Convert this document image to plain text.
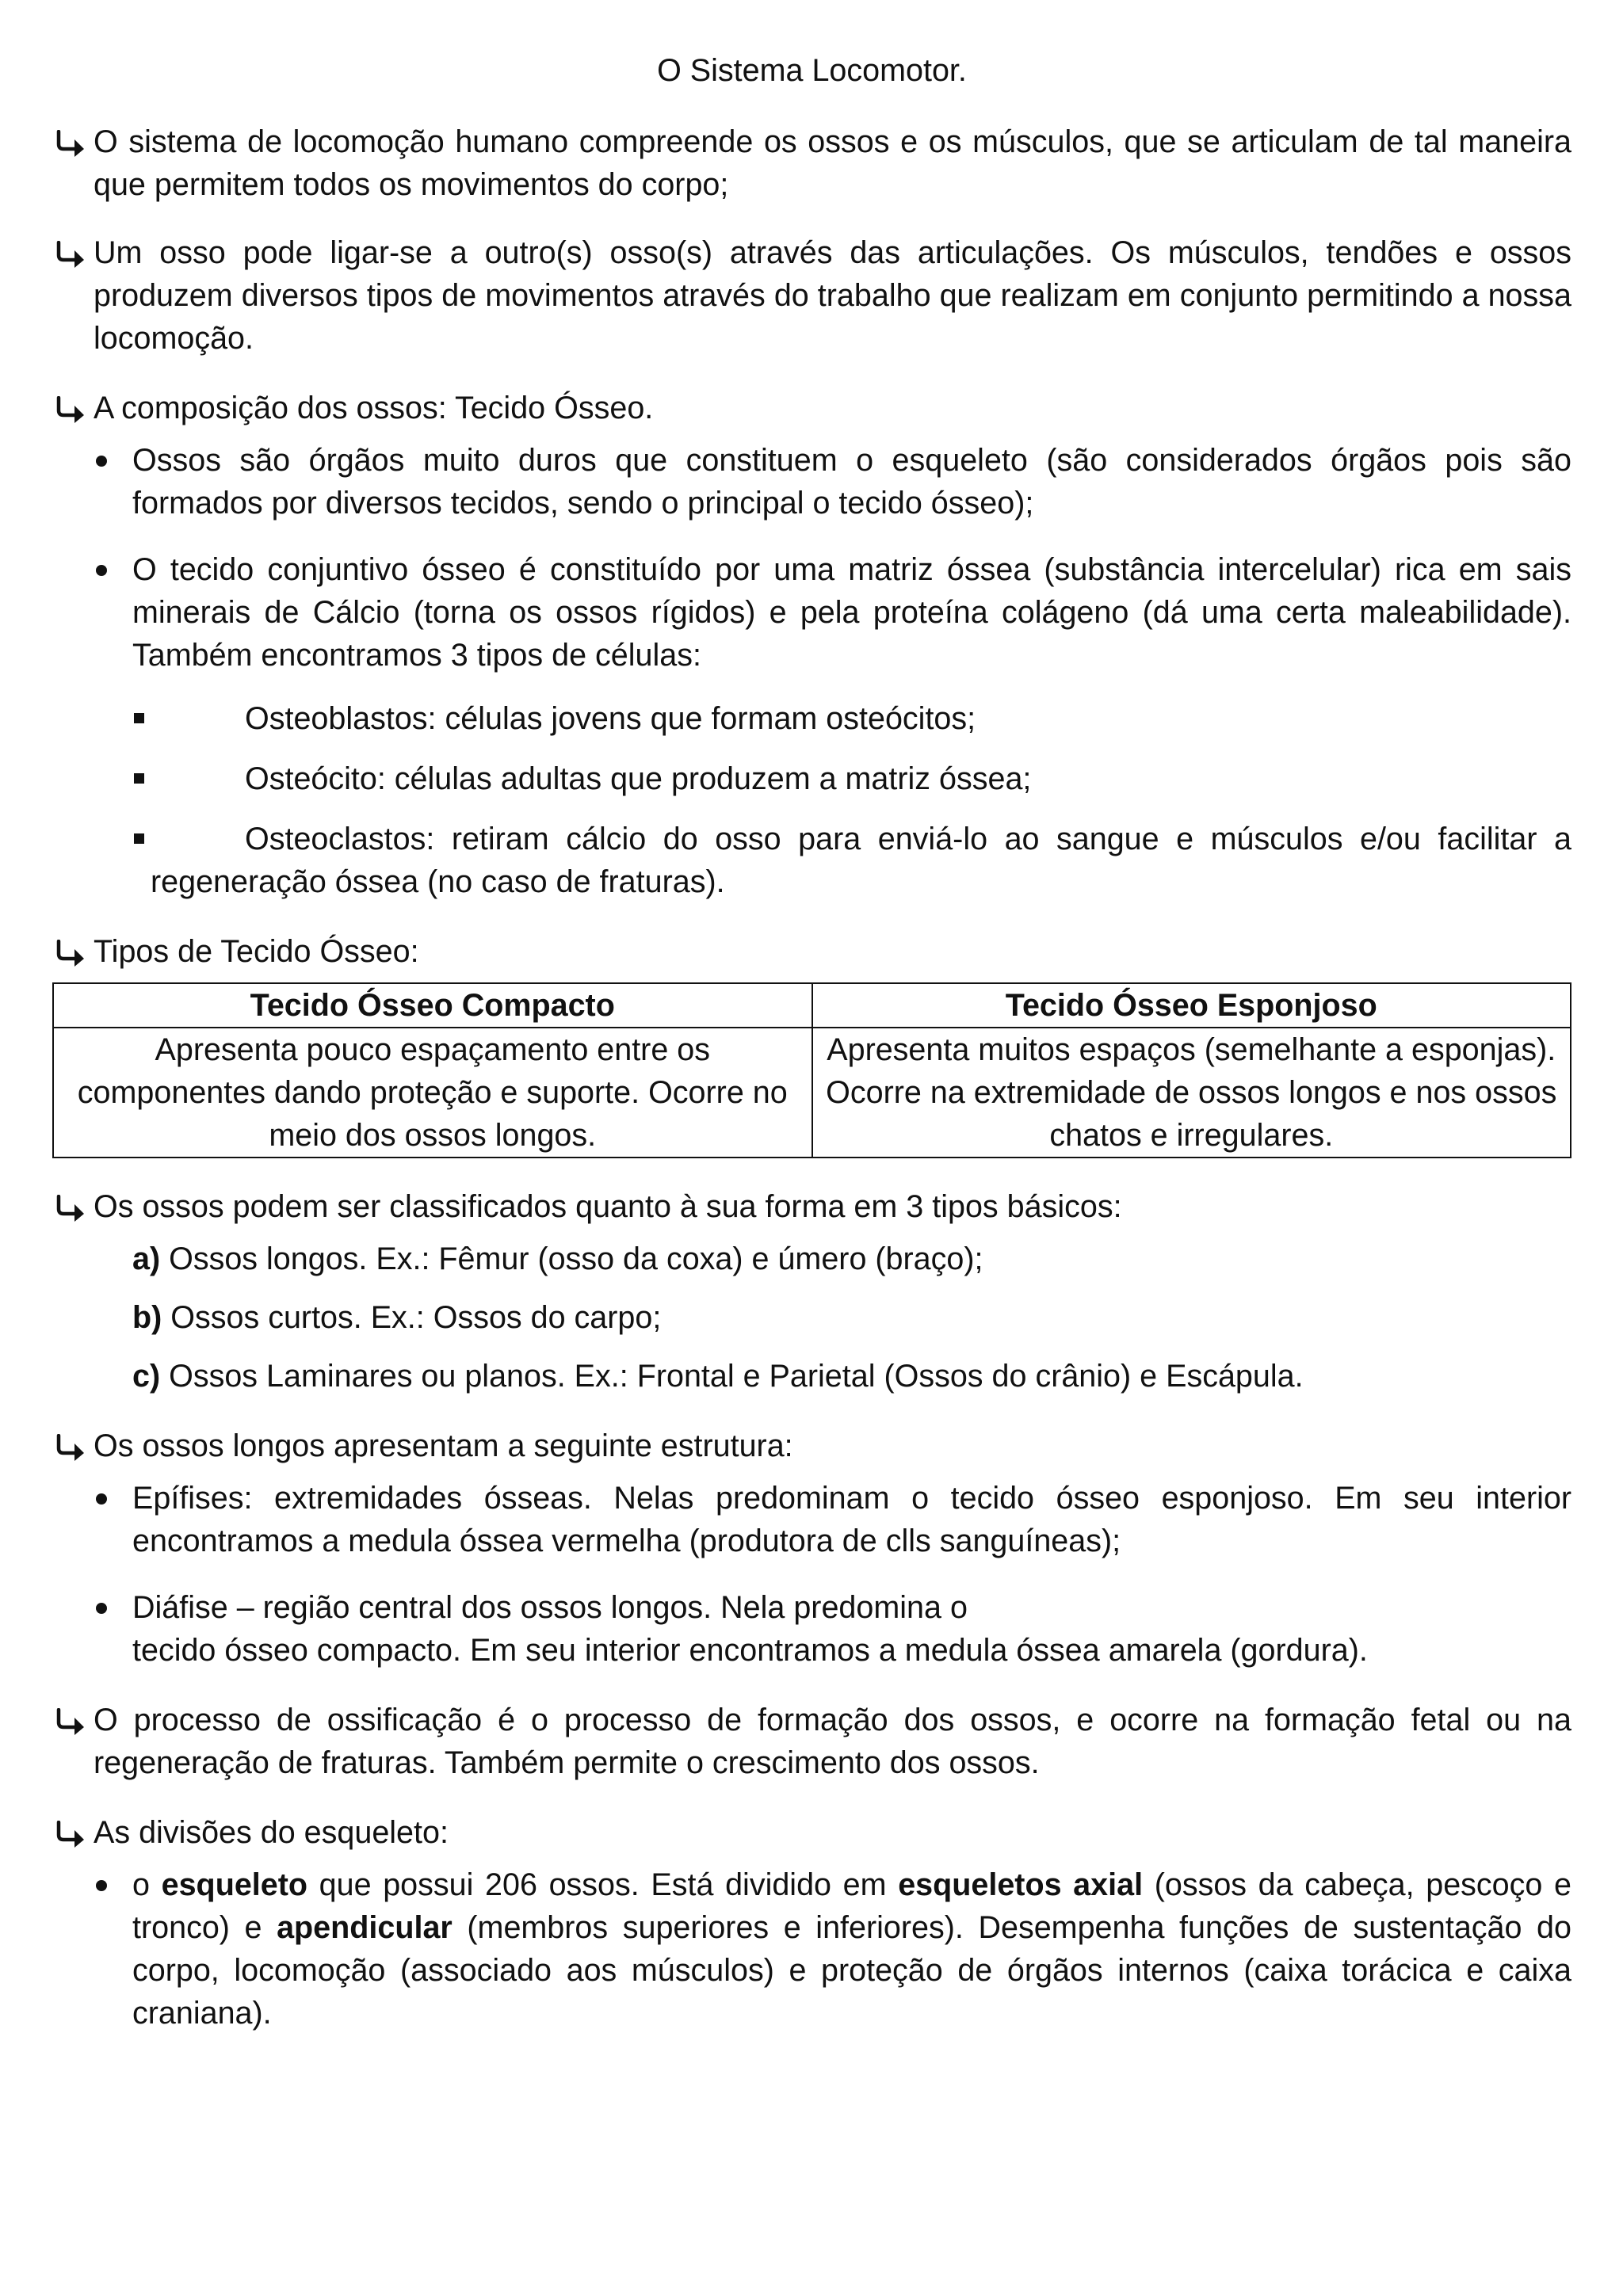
O Sistema Locomotor.
O sistema de locomoção humano compreende os ossos e os músculos, que se articulam de tal maneira que permitem todos os movimentos do corpo;
Um osso pode ligar-se a outro(s) osso(s) através das articulações. Os músculos, tendões e ossos produzem diversos tipos de movimentos através do trabalho que realizam em conjunto permitindo a nossa locomoção.
A composição dos ossos: Tecido Ósseo.
Ossos são órgãos muito duros que constituem o esqueleto (são considerados órgãos pois são formados por diversos tecidos, sendo o principal o tecido ósseo);
O tecido conjuntivo ósseo é constituído por uma matriz óssea (substância intercelular) rica em sais minerais de Cálcio (torna os ossos rígidos) e pela proteína colágeno (dá uma certa maleabilidade). Também encontramos 3 tipos de células:
Osteoblastos: células jovens que formam osteócitos;
Osteócito: células adultas que produzem a matriz óssea;
Osteoclastos: retiram cálcio do osso para enviá-lo ao sangue e músculos e/ou facilitar a regeneração óssea (no caso de fraturas).
Tipos de Tecido Ósseo:
Tecido Ósseo Compacto	Tecido Ósseo Esponjoso
Apresenta pouco espaçamento entre os componentes dando proteção e suporte. Ocorre no meio dos ossos longos.	Apresenta muitos espaços (semelhante a esponjas). Ocorre na extremidade de ossos longos e nos ossos chatos e irregulares.
Os ossos podem ser classificados quanto à sua forma em 3 tipos básicos:
a) Ossos longos. Ex.: Fêmur (osso da coxa) e úmero (braço);
b) Ossos curtos. Ex.: Ossos do carpo;
c) Ossos Laminares ou planos. Ex.: Frontal e Parietal (Ossos do crânio) e Escápula.
Os ossos longos apresentam a seguinte estrutura:
Epífises: extremidades ósseas. Nelas predominam o tecido ósseo esponjoso. Em seu interior encontramos a medula óssea vermelha (produtora de clls sanguíneas);
Diáfise – região central dos ossos longos. Nela predomina o
tecido ósseo compacto. Em seu interior encontramos a medula óssea amarela (gordura).
O processo de ossificação é o processo de formação dos ossos, e ocorre na formação fetal ou na regeneração de fraturas. Também permite o crescimento dos ossos.
As divisões do esqueleto:
o esqueleto que possui 206 ossos. Está dividido em esqueletos axial (ossos da cabeça, pescoço e tronco) e apendicular (membros superiores e inferiores). Desempenha funções de sustentação do corpo, locomoção (associado aos músculos) e proteção de órgãos internos (caixa torácica e caixa craniana).
